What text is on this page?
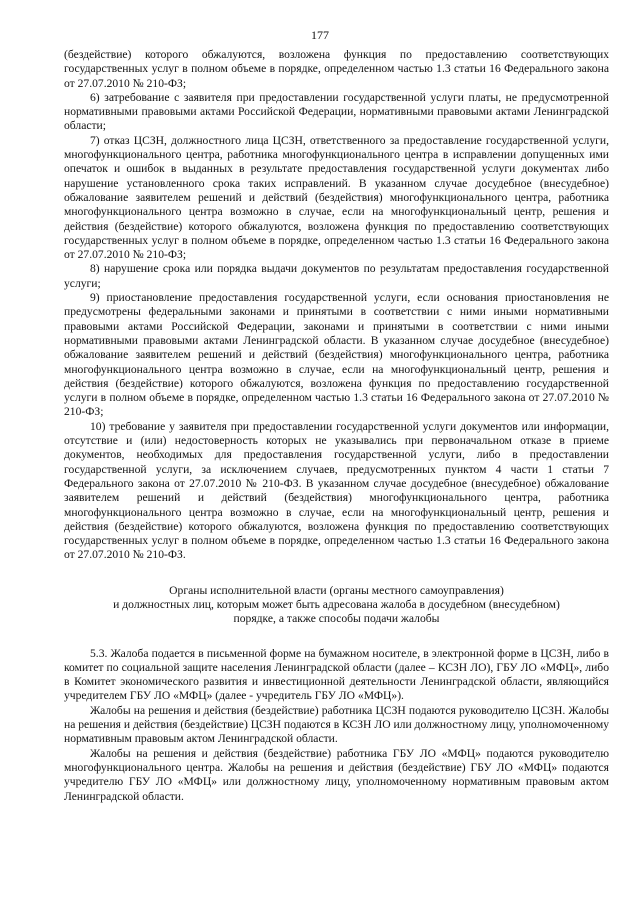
177

(бездействие) которого обжалуются, возложена функция по предоставлению соответствующих государственных услуг в полном объеме в порядке, определенном частью 1.3 статьи 16 Федерального закона от 27.07.2010 № 210-ФЗ;

6) затребование с заявителя при предоставлении государственной услуги платы, не предусмотренной нормативными правовыми актами Российской Федерации, нормативными правовыми актами Ленинградской области;

7) отказ ЦСЗН, должностного лица ЦСЗН, ответственного за предоставление государственной услуги, многофункционального центра, работника многофункционального центра в исправлении допущенных ими опечаток и ошибок в выданных в результате предоставления государственной услуги документах либо нарушение установленного срока таких исправлений. В указанном случае досудебное (внесудебное) обжалование заявителем решений и действий (бездействия) многофункционального центра, работника многофункционального центра возможно в случае, если на многофункциональный центр, решения и действия (бездействие) которого обжалуются, возложена функция по предоставлению соответствующих государственных услуг в полном объеме в порядке, определенном частью 1.3 статьи 16 Федерального закона от 27.07.2010 № 210-ФЗ;

8) нарушение срока или порядка выдачи документов по результатам предоставления государственной услуги;

9) приостановление предоставления государственной услуги, если основания приостановления не предусмотрены федеральными законами и принятыми в соответствии с ними иными нормативными правовыми актами Российской Федерации, законами и принятыми в соответствии с ними иными нормативными правовыми актами Ленинградской области. В указанном случае досудебное (внесудебное) обжалование заявителем решений и действий (бездействия) многофункционального центра, работника многофункционального центра возможно в случае, если на многофункциональный центр, решения и действия (бездействие) которого обжалуются, возложена функция по предоставлению государственной услуги в полном объеме в порядке, определенном частью 1.3 статьи 16 Федерального закона от 27.07.2010 № 210-ФЗ;

10) требование у заявителя при предоставлении государственной услуги документов или информации, отсутствие и (или) недостоверность которых не указывались при первоначальном отказе в приеме документов, необходимых для предоставления государственной услуги, либо в предоставлении государственной услуги, за исключением случаев, предусмотренных пунктом 4 части 1 статьи 7 Федерального закона от 27.07.2010 № 210-ФЗ. В указанном случае досудебное (внесудебное) обжалование заявителем решений и действий (бездействия) многофункционального центра, работника многофункционального центра возможно в случае, если на многофункциональный центр, решения и действия (бездействие) которого обжалуются, возложена функция по предоставлению соответствующих государственных услуг в полном объеме в порядке, определенном частью 1.3 статьи 16 Федерального закона от 27.07.2010 № 210-ФЗ.

Органы исполнительной власти (органы местного самоуправления)
и должностных лиц, которым может быть адресована жалоба в досудебном (внесудебном)
порядке, а также способы подачи жалобы

5.3. Жалоба подается в письменной форме на бумажном носителе, в электронной форме в ЦСЗН, либо в комитет по социальной защите населения Ленинградской области (далее – КСЗН ЛО), ГБУ ЛО «МФЦ», либо в Комитет экономического развития и инвестиционной деятельности Ленинградской области, являющийся учредителем ГБУ ЛО «МФЦ» (далее - учредитель ГБУ ЛО «МФЦ»).

Жалобы на решения и действия (бездействие) работника ЦСЗН подаются руководителю ЦСЗН. Жалобы на решения и действия (бездействие) ЦСЗН подаются в КСЗН ЛО или должностному лицу, уполномоченному нормативным правовым актом Ленинградской области.

Жалобы на решения и действия (бездействие) работника ГБУ ЛО «МФЦ» подаются руководителю многофункционального центра. Жалобы на решения и действия (бездействие) ГБУ ЛО «МФЦ» подаются учредителю ГБУ ЛО «МФЦ» или должностному лицу, уполномоченному нормативным правовым актом Ленинградской области.
